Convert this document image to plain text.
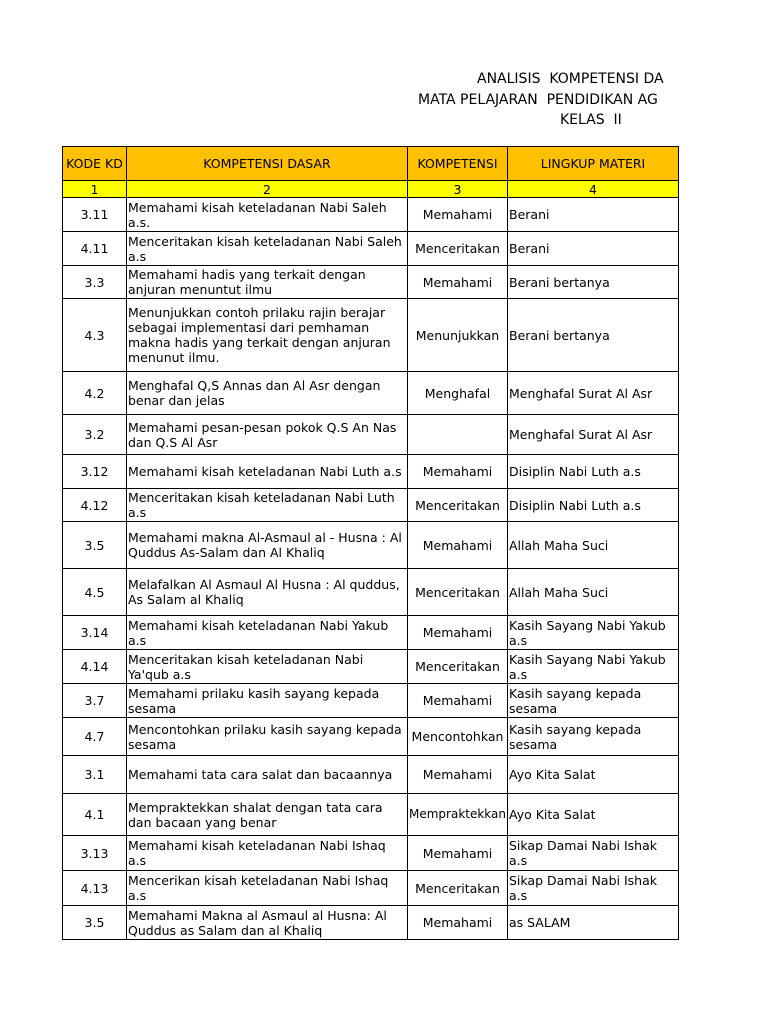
ANALISIS  KOMPETENSI DA
MATA PELAJARAN  PENDIDIKAN AG
KELAS  II
KODE KD	KOMPETENSI DASAR	KOMPETENSI	LINGKUP MATERI
1	2	3	4
3.11	Memahami kisah keteladanan Nabi Saleh a.s.	Memahami	Berani
4.11	Menceritakan kisah keteladanan Nabi Saleh a.s	Menceritakan	Berani
3.3	Memahami hadis yang terkait dengan anjuran menuntut ilmu	Memahami	Berani bertanya
4.3	Menunjukkan contoh prilaku rajin berajar sebagai implementasi dari pemhaman makna hadis yang terkait dengan anjuran menunut ilmu.	Menunjukkan	Berani bertanya
4.2	Menghafal Q,S Annas dan Al Asr dengan benar dan jelas	Menghafal	Menghafal Surat Al Asr
3.2	Memahami pesan-pesan pokok Q.S An Nas dan Q.S Al Asr		Menghafal Surat Al Asr
3.12	Memahami kisah keteladanan Nabi Luth a.s	Memahami	Disiplin Nabi Luth a.s
4.12	Menceritakan kisah keteladanan Nabi Luth a.s	Menceritakan	Disiplin Nabi Luth a.s
3.5	Memahami makna Al-Asmaul al - Husna : Al Quddus As-Salam dan Al Khaliq	Memahami	Allah Maha Suci
4.5	Melafalkan Al Asmaul Al Husna : Al quddus, As Salam al Khaliq	Menceritakan	Allah Maha Suci
3.14	Memahami kisah keteladanan Nabi Yakub a.s	Memahami	Kasih Sayang Nabi Yakub a.s
4.14	Menceritakan kisah keteladanan Nabi Ya'qub a.s	Menceritakan	Kasih Sayang Nabi Yakub a.s
3.7	Memahami prilaku kasih sayang kepada sesama	Memahami	Kasih sayang kepada sesama
4.7	Mencontohkan prilaku kasih sayang kepada sesama	Mencontohkan	Kasih sayang kepada sesama
3.1	Memahami tata cara salat dan bacaannya	Memahami	Ayo Kita Salat
4.1	Mempraktekkan shalat dengan tata cara dan bacaan yang benar	Mempraktekkan	Ayo Kita Salat
3.13	Memahami kisah keteladanan Nabi Ishaq a.s	Memahami	Sikap Damai Nabi Ishak a.s
4.13	Mencerikan kisah keteladanan Nabi Ishaq a.s	Menceritakan	Sikap Damai Nabi Ishak a.s
3.5	Memahami Makna al Asmaul al Husna: Al Quddus as Salam dan al Khaliq	Memahami	as SALAM
